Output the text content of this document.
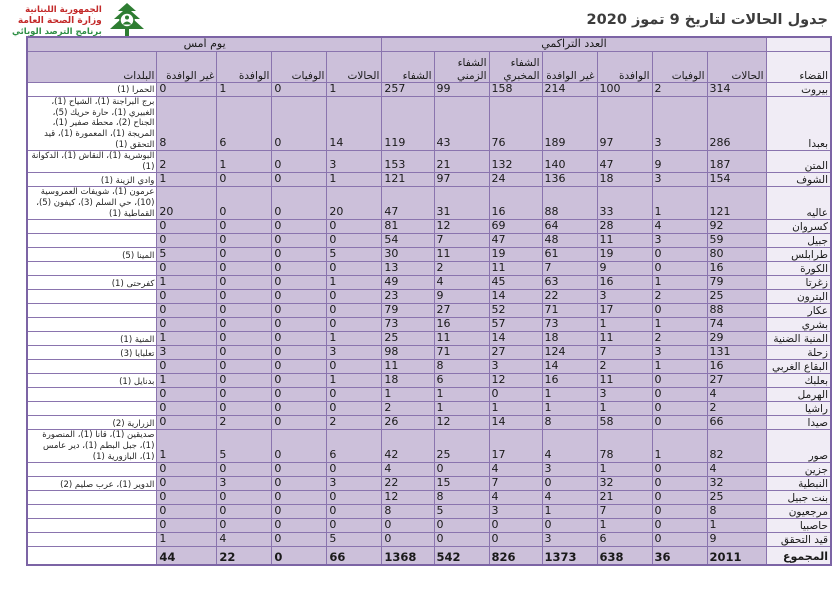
الجمهورية اللبنانية
وزارة الصحة العامة
برنامج الترصد الوبائي
جدول الحالات لتاريخ 9 تموز 2020
	العدد التراكمي							يوم أمس				
القضاء	الحالات	الوفيات	الوافدة	غير الوافدة	الشفاء المخبري	الشفاء الزمني	الشفاء	الحالات	الوفيات	الوافدة	غير الوافدة	البلدات
بيروت	314	2	100	214	158	99	257	1	0	1	0	الحمرا (1)
بعبدا	286	3	97	189	76	43	119	14	0	6	8	برج البراجنة (1)، الشياح (1)، الغبيري (1)، حارة حريك (5)، الجناح (2)، محطة صفير (1)، المريجة (1)، المعمورة (1)، قيد التحقق (1)
المتن	187	9	47	140	132	21	153	3	0	1	2	البوشرية (1)، النقاش (1)، الدكوانة (1)
الشوف	154	3	18	136	24	97	121	1	0	0	1	وادي الزينة (1)
عاليه	121	1	33	88	16	31	47	20	0	0	20	عرمون (1)، شويفات العمروسية (10)، حي السلم (3)، كيفون (5)، القماطية (1)
كسروان	92	4	28	64	69	12	81	0	0	0	0	
جبيل	59	3	11	48	47	7	54	0	0	0	0	
طرابلس	80	0	19	61	19	11	30	5	0	0	5	المينا (5)
الكورة	16	0	9	7	11	2	13	0	0	0	0	
زغرتا	79	1	16	63	45	4	49	1	0	0	1	كفرحتى (1)
البترون	25	2	3	22	14	9	23	0	0	0	0	
عكار	88	0	17	71	52	27	79	0	0	0	0	
بشري	74	1	1	73	57	16	73	0	0	0	0	
المنية الضنية	29	2	11	18	14	11	25	1	0	0	1	المنية (1)
زحلة	131	3	7	124	27	71	98	3	0	0	3	تعلبايا (3)
البقاع الغربي	16	1	2	14	3	8	11	0	0	0	0	
بعلبك	27	0	11	16	12	6	18	1	0	0	1	بدنايل (1)
الهرمل	4	0	3	1	0	1	1	0	0	0	0	
راشيا	2	0	1	1	1	1	2	0	0	0	0	
صيدا	66	0	58	8	14	12	26	2	0	2	0	الزرارية (2)
صور	82	1	78	4	17	25	42	6	0	5	1	صديقين (1)، قانا (1)، المنصورة (1)، جبل البطم (1)، دير عامس (1)، البازورية (1)
جزين	4	0	1	3	4	0	4	0	0	0	0	
النبطية	32	0	32	0	7	15	22	3	0	3	0	الدوير (1)، عرب صليم (2)
بنت جبيل	25	0	21	4	4	8	12	0	0	0	0	
مرجعيون	8	0	7	1	3	5	8	0	0	0	0	
حاصبيا	1	0	1	0	0	0	0	0	0	0	0	
قيد التحقق	9	0	6	3	0	0	0	5	0	4	1	
المجموع	2011	36	638	1373	826	542	1368	66	0	22	44	
